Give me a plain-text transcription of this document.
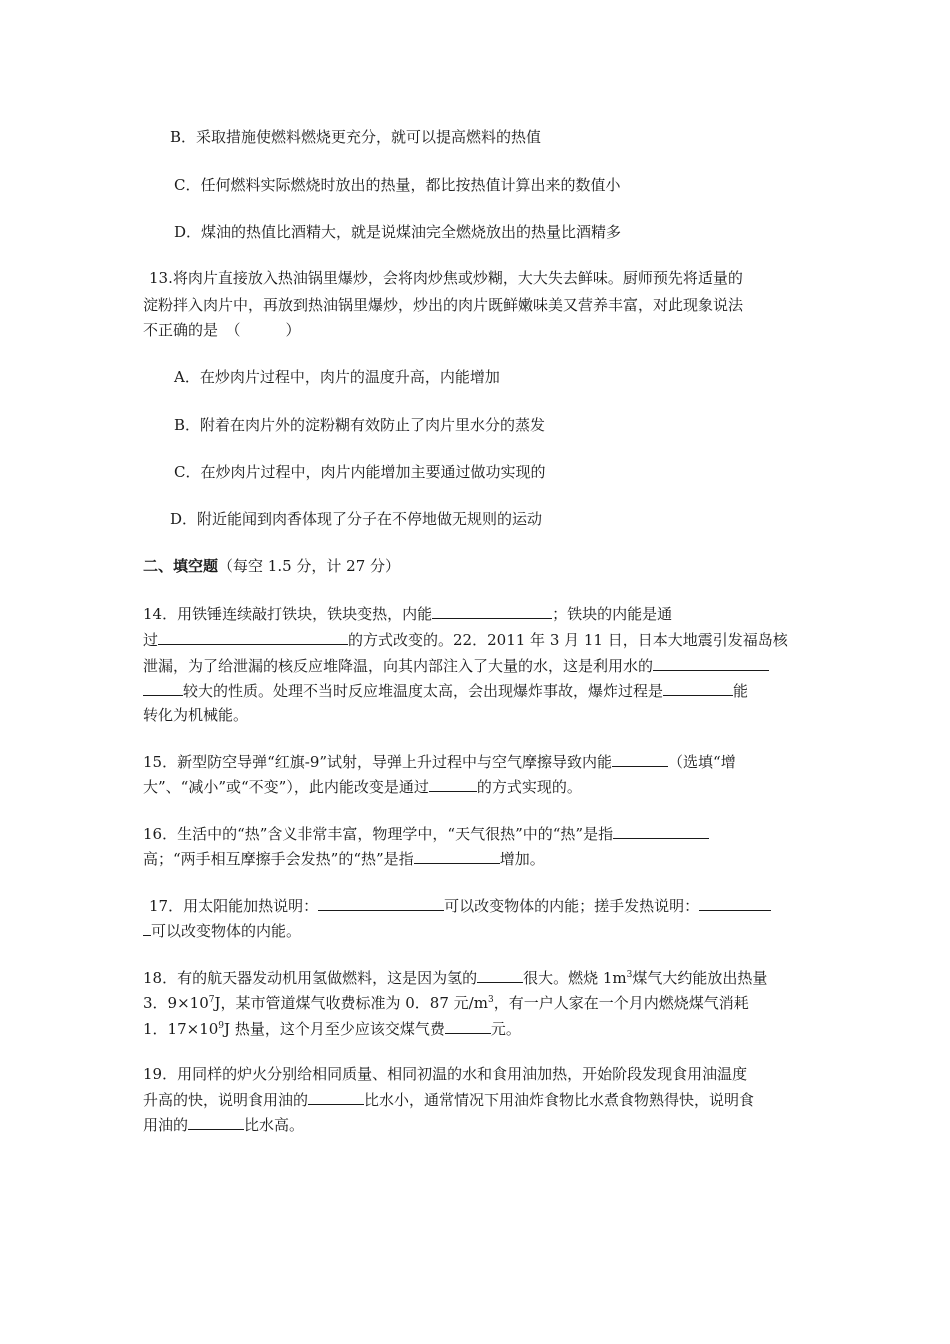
B．采取措施使燃料燃烧更充分，就可以提高燃料的热值
C．任何燃料实际燃烧时放出的热量，都比按热值计算出来的数值小
D．煤油的热值比酒精大，就是说煤油完全燃烧放出的热量比酒精多
13.将肉片直接放入热油锅里爆炒，会将肉炒焦或炒糊，大大失去鲜味。厨师预先将适量的
淀粉拌入肉片中，再放到热油锅里爆炒，炒出的肉片既鲜嫩味美又营养丰富，对此现象说法
不正确的是　（　　　）
A．在炒肉片过程中，肉片的温度升高，内能增加
B．附着在肉片外的淀粉糊有效防止了肉片里水分的蒸发
C．在炒肉片过程中，肉片内能增加主要通过做功实现的
D．附近能闻到肉香体现了分子在不停地做无规则的运动
二、填空题（每空 1.5 分，计 27 分）
14．用铁锤连续敲打铁块，铁块变热，内能	；铁块的内能是通
过	的方式改变的。22．2011 年 3 月 11 日，日本大地震引发福岛核
泄漏，为了给泄漏的核反应堆降温，向其内部注入了大量的水，这是利用水的
较大的性质。处理不当时反应堆温度太高，会出现爆炸事故，爆炸过程是	能
转化为机械能。
15．新型防空导弹“红旗-9”试射，导弹上升过程中与空气摩擦导致内能	（选填“增
大”、“减小”或“不变”），此内能改变是通过	的方式实现的。
16．生活中的“热”含义非常丰富，物理学中，“天气很热”中的“热”是指
高；“两手相互摩擦手会发热”的“热”是指	增加。
17．用太阳能加热说明：	可以改变物体的内能；搓手发热说明：
可以改变物体的内能。
18．有的航天器发动机用氢做燃料，这是因为氢的	很大。燃烧 $1m^3$煤气大约能放出热量
3．$9\times 10^7J$，某市管道煤气收费标准为 0．87 元$/m^3$，有一户人家在一个月内燃烧煤气消耗
1．$17\times 10^9J$ 热量，这个月至少应该交煤气费	元。
19．用同样的炉火分别给相同质量、相同初温的水和食用油加热，开始阶段发现食用油温度
升高的快，说明食用油的	比水小，通常情况下用油炸食物比水煮食物熟得快，说明食
用油的	比水高。
